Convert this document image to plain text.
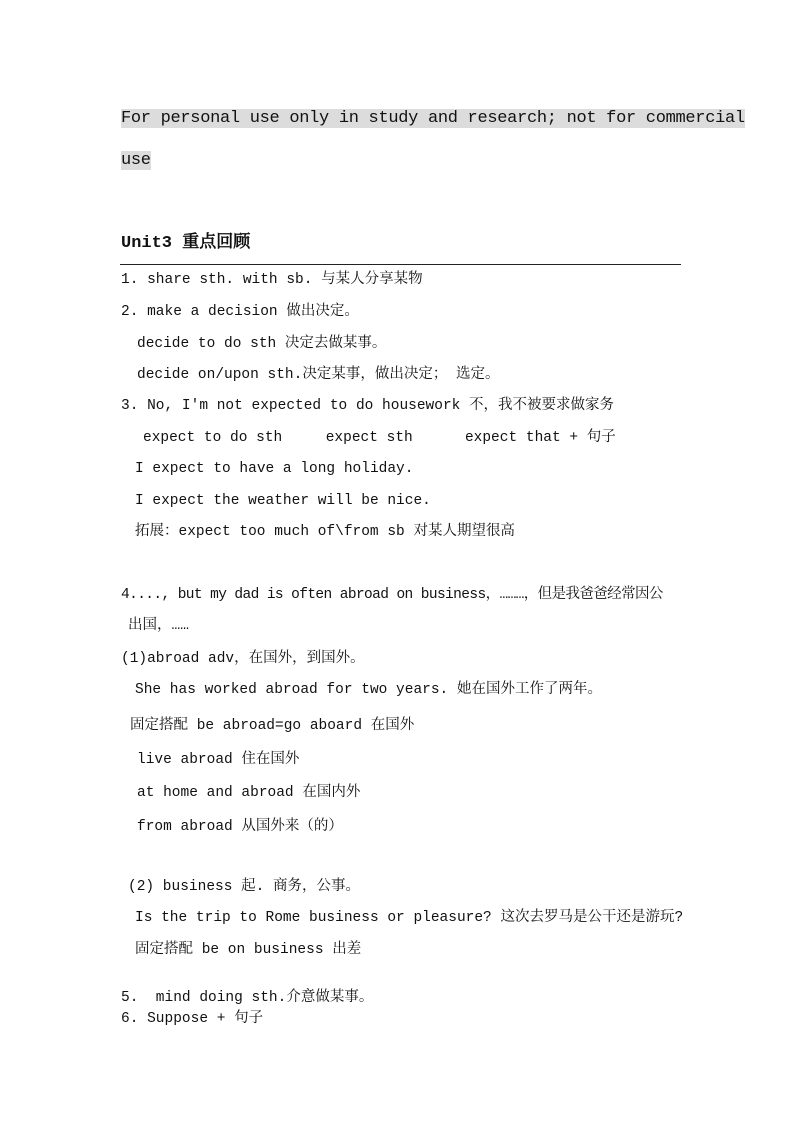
For personal use only in study and research; not for commercial
use
Unit3 重点回顾
1. share sth. with sb. 与某人分享某物
2. make a decision 做出决定。
decide to do sth 决定去做某事。
decide on/upon sth.决定某事，做出决定； 选定。
3. No, I'm not expected to do housework 不，我不被要求做家务
expect to do sth     expect sth      expect that + 句子
I expect to have a long holiday.
I expect the weather will be nice.
拓展：expect too much of\from sb 对某人期望很高
4...., but my dad is often abroad on business，………，但是我爸爸经常因公
出国，……
(1)abroad adv，在国外，到国外。
She has worked abroad for two years. 她在国外工作了两年。
固定搭配 be abroad=go aboard 在国外
live abroad 住在国外
at home and abroad 在国内外
from abroad 从国外来（的）
(2) business 起. 商务，公事。
Is the trip to Rome business or pleasure? 这次去罗马是公干还是游玩?
固定搭配 be on business 出差
5.  mind doing sth.介意做某事。
6. Suppose + 句子
